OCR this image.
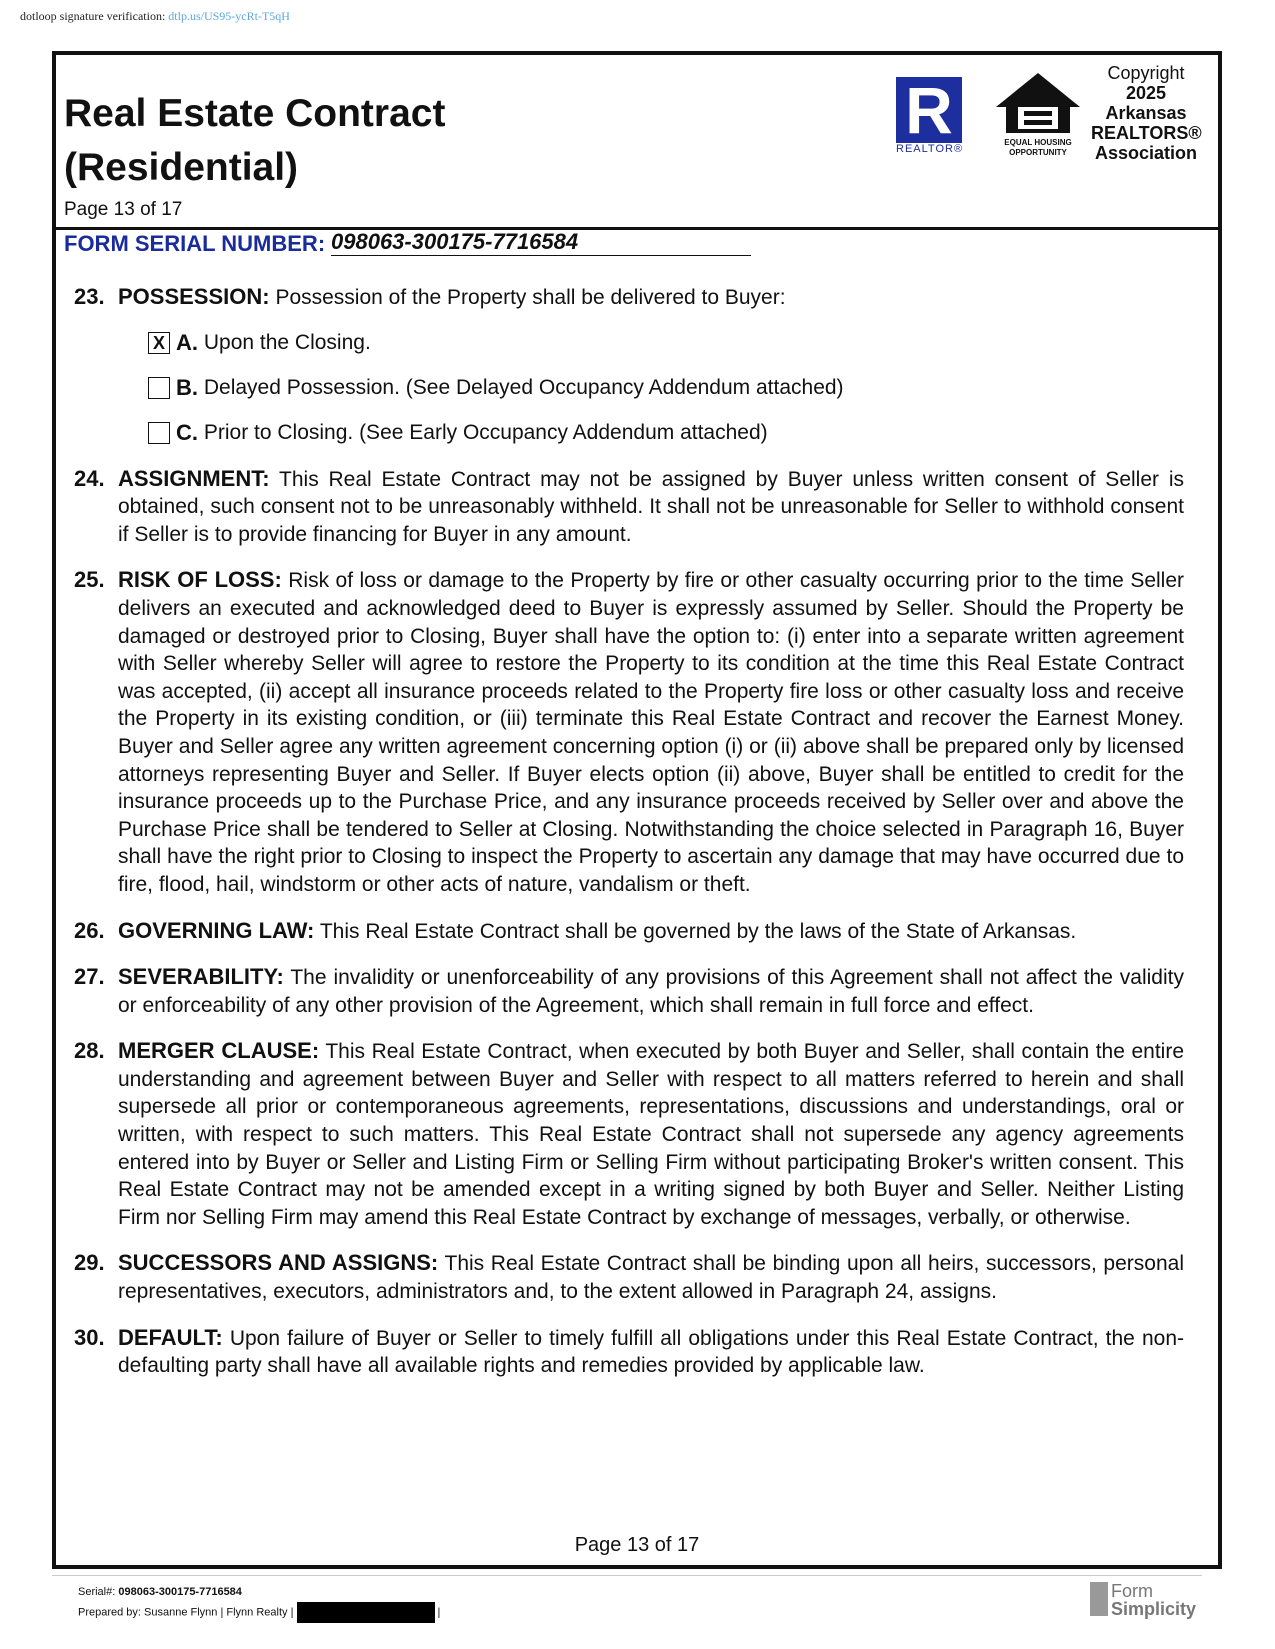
dotloop signature verification: dtlp.us/US95-ycRt-T5qH
Real Estate Contract
(Residential)
Page 13 of 17
R
REALTOR®
EQUAL HOUSING
OPPORTUNITY
Copyright
2025
Arkansas
REALTORS®
Association
FORM SERIAL NUMBER: 098063-300175-7716584
23. POSSESSION: Possession of the Property shall be delivered to Buyer:
X A.
Upon the Closing.
B.
Delayed Possession. (See Delayed Occupancy Addendum attached)
C.
Prior to Closing. (See Early Occupancy Addendum attached)
24. ASSIGNMENT: This Real Estate Contract may not be assigned by Buyer unless written consent of Seller is obtained, such consent not to be unreasonably withheld. It shall not be unreasonable for Seller to withhold consent if Seller is to provide financing for Buyer in any amount.
25. RISK OF LOSS: Risk of loss or damage to the Property by fire or other casualty occurring prior to the time Seller delivers an executed and acknowledged deed to Buyer is expressly assumed by Seller. Should the Property be damaged or destroyed prior to Closing, Buyer shall have the option to: (i) enter into a separate written agreement with Seller whereby Seller will agree to restore the Property to its condition at the time this Real Estate Contract was accepted, (ii) accept all insurance proceeds related to the Property fire loss or other casualty loss and receive the Property in its existing condition, or (iii) terminate this Real Estate Contract and recover the Earnest Money. Buyer and Seller agree any written agreement concerning option (i) or (ii) above shall be prepared only by licensed attorneys representing Buyer and Seller. If Buyer elects option (ii) above, Buyer shall be entitled to credit for the insurance proceeds up to the Purchase Price, and any insurance proceeds received by Seller over and above the Purchase Price shall be tendered to Seller at Closing. Notwithstanding the choice selected in Paragraph 16, Buyer shall have the right prior to Closing to inspect the Property to ascertain any damage that may have occurred due to fire, flood, hail, windstorm or other acts of nature, vandalism or theft.
26. GOVERNING LAW: This Real Estate Contract shall be governed by the laws of the State of Arkansas.
27. SEVERABILITY: The invalidity or unenforceability of any provisions of this Agreement shall not affect the validity or enforceability of any other provision of the Agreement, which shall remain in full force and effect.
28. MERGER CLAUSE: This Real Estate Contract, when executed by both Buyer and Seller, shall contain the entire understanding and agreement between Buyer and Seller with respect to all matters referred to herein and shall supersede all prior or contemporaneous agreements, representations, discussions and understandings, oral or written, with respect to such matters. This Real Estate Contract shall not supersede any agency agreements entered into by Buyer or Seller and Listing Firm or Selling Firm without participating Broker's written consent. This Real Estate Contract may not be amended except in a writing signed by both Buyer and Seller. Neither Listing Firm nor Selling Firm may amend this Real Estate Contract by exchange of messages, verbally, or otherwise.
29. SUCCESSORS AND ASSIGNS: This Real Estate Contract shall be binding upon all heirs, successors, personal representatives, executors, administrators and, to the extent allowed in Paragraph 24, assigns.
30. DEFAULT: Upon failure of Buyer or Seller to timely fulfill all obligations under this Real Estate Contract, the non-defaulting party shall have all available rights and remedies provided by applicable law.
Page 13 of 17
Serial#: 098063-300175-7716584
Prepared by: Susanne Flynn | Flynn Realty |	|
Form
Simplicity
